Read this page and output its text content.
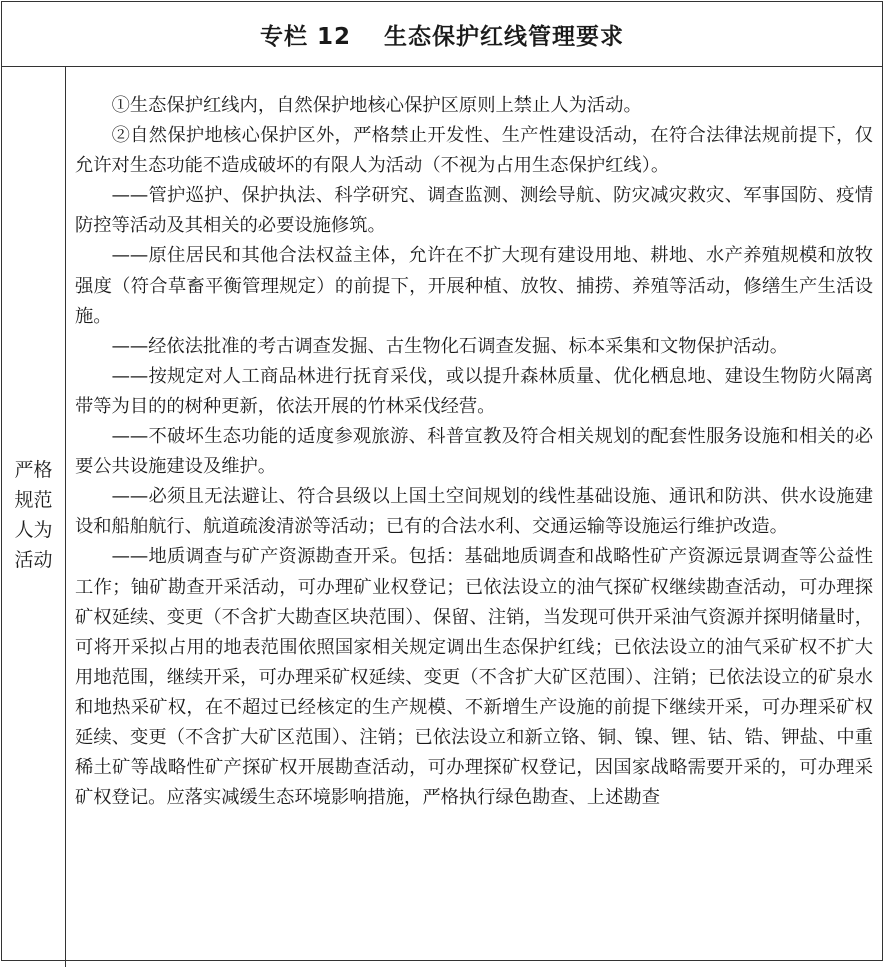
专栏 12　 生态保护红线管理要求
严格
规范
人为
活动

①生态保护红线内，自然保护地核心保护区原则上禁止人为活动。

②自然保护地核心保护区外，严格禁止开发性、生产性建设活动，在符合法律法规前提下，仅允许对生态功能不造成破坏的有限人为活动（不视为占用生态保护红线）。

——管护巡护、保护执法、科学研究、调查监测、测绘导航、防灾减灾救灾、军事国防、疫情防控等活动及其相关的必要设施修筑。

——原住居民和其他合法权益主体，允许在不扩大现有建设用地、耕地、水产养殖规模和放牧强度（符合草畜平衡管理规定）的前提下，开展种植、放牧、捕捞、养殖等活动，修缮生产生活设施。

——经依法批准的考古调查发掘、古生物化石调查发掘、标本采集和文物保护活动。

——按规定对人工商品林进行抚育采伐，或以提升森林质量、优化栖息地、建设生物防火隔离带等为目的的树种更新，依法开展的竹林采伐经营。

——不破坏生态功能的适度参观旅游、科普宣教及符合相关规划的配套性服务设施和相关的必要公共设施建设及维护。

——必须且无法避让、符合县级以上国土空间规划的线性基础设施、通讯和防洪、供水设施建设和船舶航行、航道疏浚清淤等活动；已有的合法水利、交通运输等设施运行维护改造。

——地质调查与矿产资源勘查开采。包括：基础地质调查和战略性矿产资源远景调查等公益性工作；铀矿勘查开采活动，可办理矿业权登记；已依法设立的油气探矿权继续勘查活动，可办理探矿权延续、变更（不含扩大勘查区块范围）、保留、注销，当发现可供开采油气资源并探明储量时，可将开采拟占用的地表范围依照国家相关规定调出生态保护红线；已依法设立的油气采矿权不扩大用地范围，继续开采，可办理采矿权延续、变更（不含扩大矿区范围）、注销；已依法设立的矿泉水和地热采矿权，在不超过已经核定的生产规模、不新增生产设施的前提下继续开采，可办理采矿权延续、变更（不含扩大矿区范围）、注销；已依法设立和新立铬、铜、镍、锂、钴、锆、钾盐、中重稀土矿等战略性矿产探矿权开展勘查活动，可办理探矿权登记，因国家战略需要开采的，可办理采矿权登记。应落实减缓生态环境影响措施，严格执行绿色勘查、上述勘查
